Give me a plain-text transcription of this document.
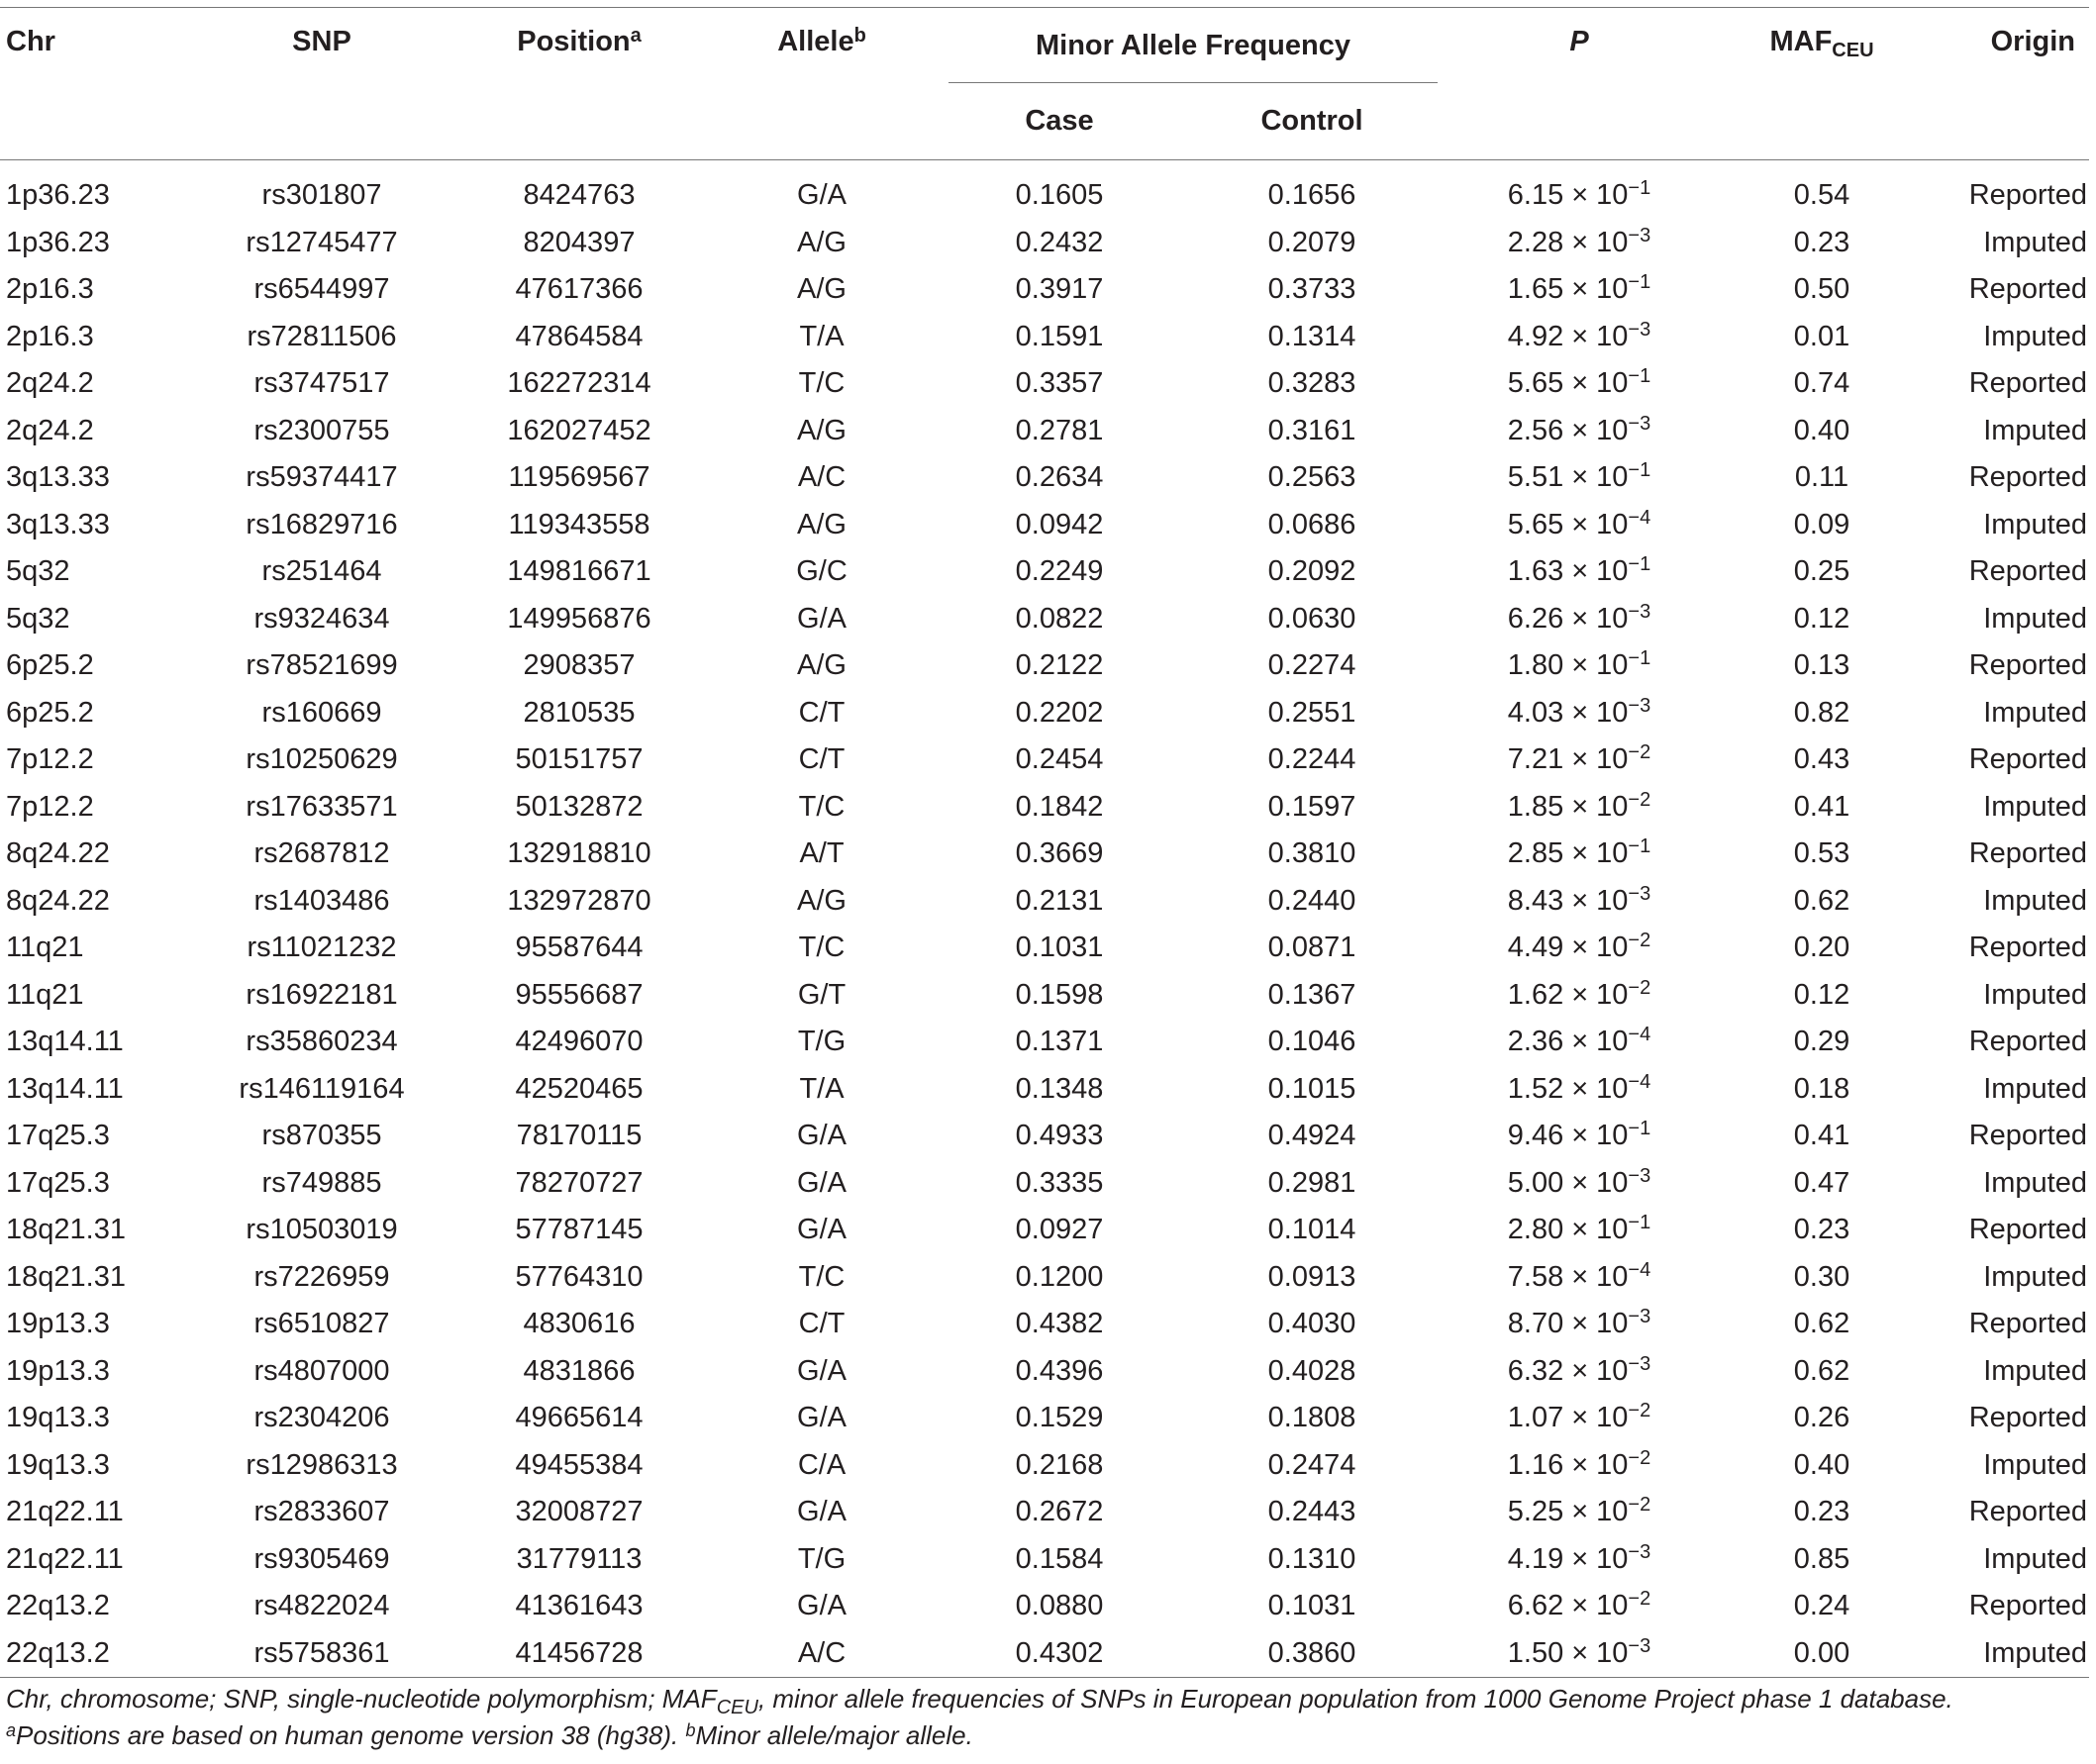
Chr	SNP	Position$^a$	Allele$^b$	Minor Allele Frequency		P	$MAF_{CEU}$	Origin
				Case	Control			
1p36.23	rs301807	8424763	G/A	0.1605	0.1656	$6.15 \times 10^{-1}$	0.54	Reported
1p36.23	rs12745477	8204397	A/G	0.2432	0.2079	$2.28 \times 10^{-3}$	0.23	Imputed
2p16.3	rs6544997	47617366	A/G	0.3917	0.3733	$1.65 \times 10^{-1}$	0.50	Reported
2p16.3	rs72811506	47864584	T/A	0.1591	0.1314	$4.92 \times 10^{-3}$	0.01	Imputed
2q24.2	rs3747517	162272314	T/C	0.3357	0.3283	$5.65 \times 10^{-1}$	0.74	Reported
2q24.2	rs2300755	162027452	A/G	0.2781	0.3161	$2.56 \times 10^{-3}$	0.40	Imputed
3q13.33	rs59374417	119569567	A/C	0.2634	0.2563	$5.51 \times 10^{-1}$	0.11	Reported
3q13.33	rs16829716	119343558	A/G	0.0942	0.0686	$5.65 \times 10^{-4}$	0.09	Imputed
5q32	rs251464	149816671	G/C	0.2249	0.2092	$1.63 \times 10^{-1}$	0.25	Reported
5q32	rs9324634	149956876	G/A	0.0822	0.0630	$6.26 \times 10^{-3}$	0.12	Imputed
6p25.2	rs78521699	2908357	A/G	0.2122	0.2274	$1.80 \times 10^{-1}$	0.13	Reported
6p25.2	rs160669	2810535	C/T	0.2202	0.2551	$4.03 \times 10^{-3}$	0.82	Imputed
7p12.2	rs10250629	50151757	C/T	0.2454	0.2244	$7.21 \times 10^{-2}$	0.43	Reported
7p12.2	rs17633571	50132872	T/C	0.1842	0.1597	$1.85 \times 10^{-2}$	0.41	Imputed
8q24.22	rs2687812	132918810	A/T	0.3669	0.3810	$2.85 \times 10^{-1}$	0.53	Reported
8q24.22	rs1403486	132972870	A/G	0.2131	0.2440	$8.43 \times 10^{-3}$	0.62	Imputed
11q21	rs11021232	95587644	T/C	0.1031	0.0871	$4.49 \times 10^{-2}$	0.20	Reported
11q21	rs16922181	95556687	G/T	0.1598	0.1367	$1.62 \times 10^{-2}$	0.12	Imputed
13q14.11	rs35860234	42496070	T/G	0.1371	0.1046	$2.36 \times 10^{-4}$	0.29	Reported
13q14.11	rs146119164	42520465	T/A	0.1348	0.1015	$1.52 \times 10^{-4}$	0.18	Imputed
17q25.3	rs870355	78170115	G/A	0.4933	0.4924	$9.46 \times 10^{-1}$	0.41	Reported
17q25.3	rs749885	78270727	G/A	0.3335	0.2981	$5.00 \times 10^{-3}$	0.47	Imputed
18q21.31	rs10503019	57787145	G/A	0.0927	0.1014	$2.80 \times 10^{-1}$	0.23	Reported
18q21.31	rs7226959	57764310	T/C	0.1200	0.0913	$7.58 \times 10^{-4}$	0.30	Imputed
19p13.3	rs6510827	4830616	C/T	0.4382	0.4030	$8.70 \times 10^{-3}$	0.62	Reported
19p13.3	rs4807000	4831866	G/A	0.4396	0.4028	$6.32 \times 10^{-3}$	0.62	Imputed
19q13.3	rs2304206	49665614	G/A	0.1529	0.1808	$1.07 \times 10^{-2}$	0.26	Reported
19q13.3	rs12986313	49455384	C/A	0.2168	0.2474	$1.16 \times 10^{-2}$	0.40	Imputed
21q22.11	rs2833607	32008727	G/A	0.2672	0.2443	$5.25 \times 10^{-2}$	0.23	Reported
21q22.11	rs9305469	31779113	T/G	0.1584	0.1310	$4.19 \times 10^{-3}$	0.85	Imputed
22q13.2	rs4822024	41361643	G/A	0.0880	0.1031	$6.62 \times 10^{-2}$	0.24	Reported
22q13.2	rs5758361	41456728	A/C	0.4302	0.3860	$1.50 \times 10^{-3}$	0.00	Imputed
Chr, chromosome; SNP, single-nucleotide polymorphism; $MAF_{CEU}$, minor allele frequencies of SNPs in European population from 1000 Genome Project phase 1 database.
$^a$Positions are based on human genome version 38 (hg38). $^b$Minor allele/major allele.
